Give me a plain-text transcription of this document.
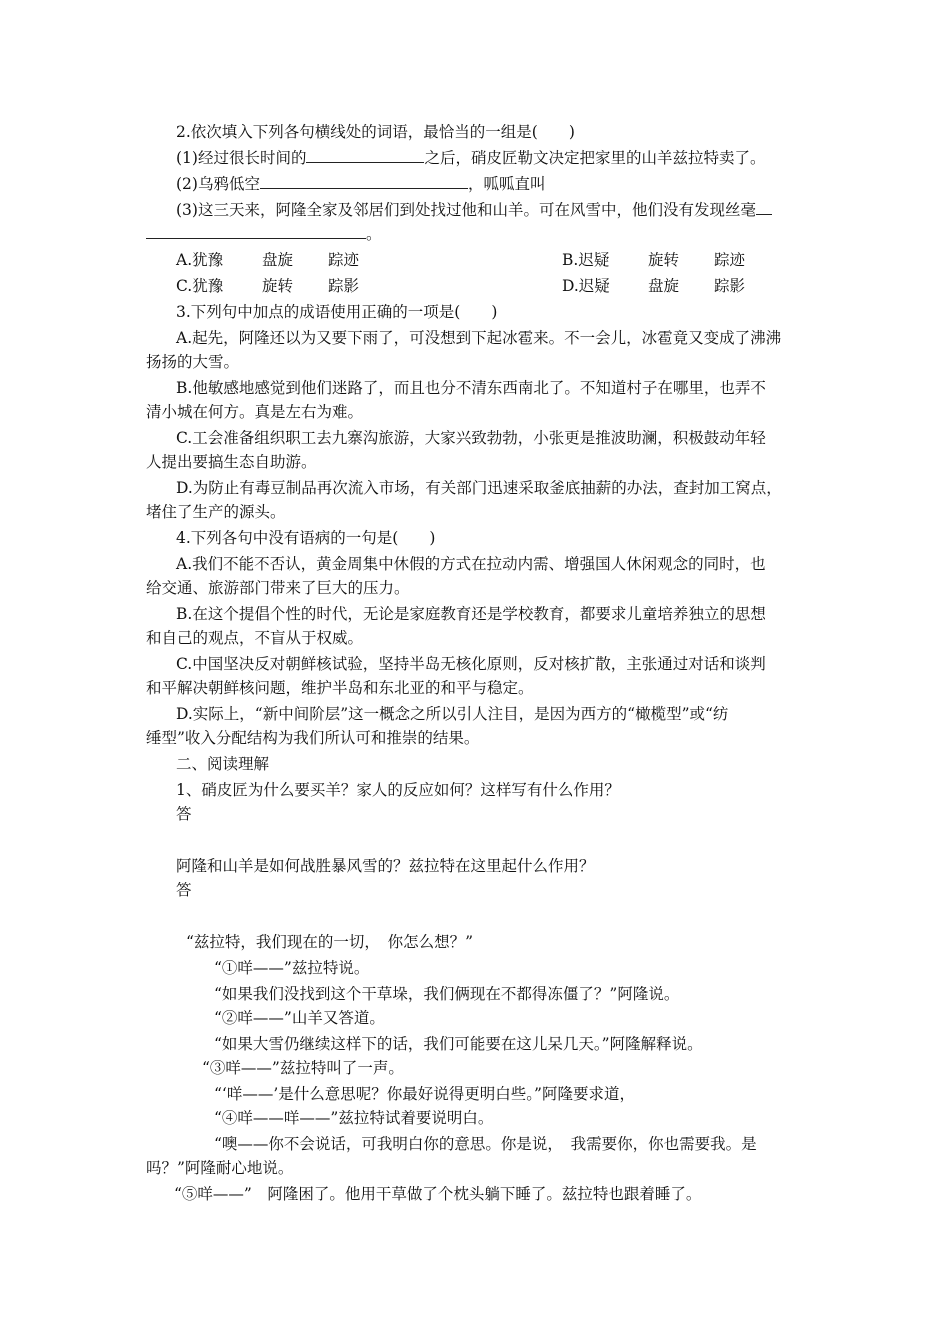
2.依次填入下列各句横线处的词语，最恰当的一组是(　　)
(1)经过很长时间的	之后，硝皮匠勒文决定把家里的山羊兹拉特卖了。
(2)乌鸦低空	，呱呱直叫
(3)这三天来，阿隆全家及邻居们到处找过他和山羊。可在风雪中，他们没有发现丝毫
。
A.犹豫	盘旋 踪迹	B.迟疑 旋转 踪迹
C.犹豫	旋转 踪影	D.迟疑 盘旋 踪影
3.下列句中加点的成语使用正确的一项是(　　)
A.起先，阿隆还以为又要下雨了，可没想到下起冰雹来。不一会儿，冰雹竟又变成了沸沸
扬扬的大雪。
B.他敏感地感觉到他们迷路了，而且也分不清东西南北了。不知道村子在哪里，也弄不
清小城在何方。真是左右为难。
C.工会准备组织职工去九寨沟旅游，大家兴致勃勃，小张更是推波助澜，积极鼓动年轻
人提出要搞生态自助游。
D.为防止有毒豆制品再次流入市场，有关部门迅速采取釜底抽薪的办法，查封加工窝点，
堵住了生产的源头。
4.下列各句中没有语病的一句是(　　)
A.我们不能不否认，黄金周集中休假的方式在拉动内需、增强国人休闲观念的同时，也
给交通、旅游部门带来了巨大的压力。
B.在这个提倡个性的时代，无论是家庭教育还是学校教育，都要求儿童培养独立的思想
和自己的观点，不盲从于权威。
C.中国坚决反对朝鲜核试验，坚持半岛无核化原则，反对核扩散，主张通过对话和谈判
和平解决朝鲜核问题，维护半岛和东北亚的和平与稳定。
D.实际上，“新中间阶层”这一概念之所以引人注目，是因为西方的“橄榄型”或“纺
缍型”收入分配结构为我们所认可和推崇的结果。
二、阅读理解
1、硝皮匠为什么要买羊？家人的反应如何？这样写有什么作用？
答
阿隆和山羊是如何战胜暴风雪的？兹拉特在这里起什么作用？
答
“兹拉特，我们现在的一切，　你怎么想？”
“①咩——”兹拉特说。
“如果我们没找到这个干草垛，我们俩现在不都得冻僵了？”阿隆说。
“②咩——”山羊又答道。
“如果大雪仍继续这样下的话，我们可能要在这儿呆几天。”阿隆解释说。
“③咩——”兹拉特叫了一声。
“‘咩——’是什么意思呢？你最好说得更明白些。”阿隆要求道，
“④咩——咩——”兹拉特试着要说明白。
“噢——你不会说话，可我明白你的意思。你是说，　我需要你，你也需要我。是
吗？”阿隆耐心地说。
“⑤咩——”　阿隆困了。他用干草做了个枕头躺下睡了。兹拉特也跟着睡了。
